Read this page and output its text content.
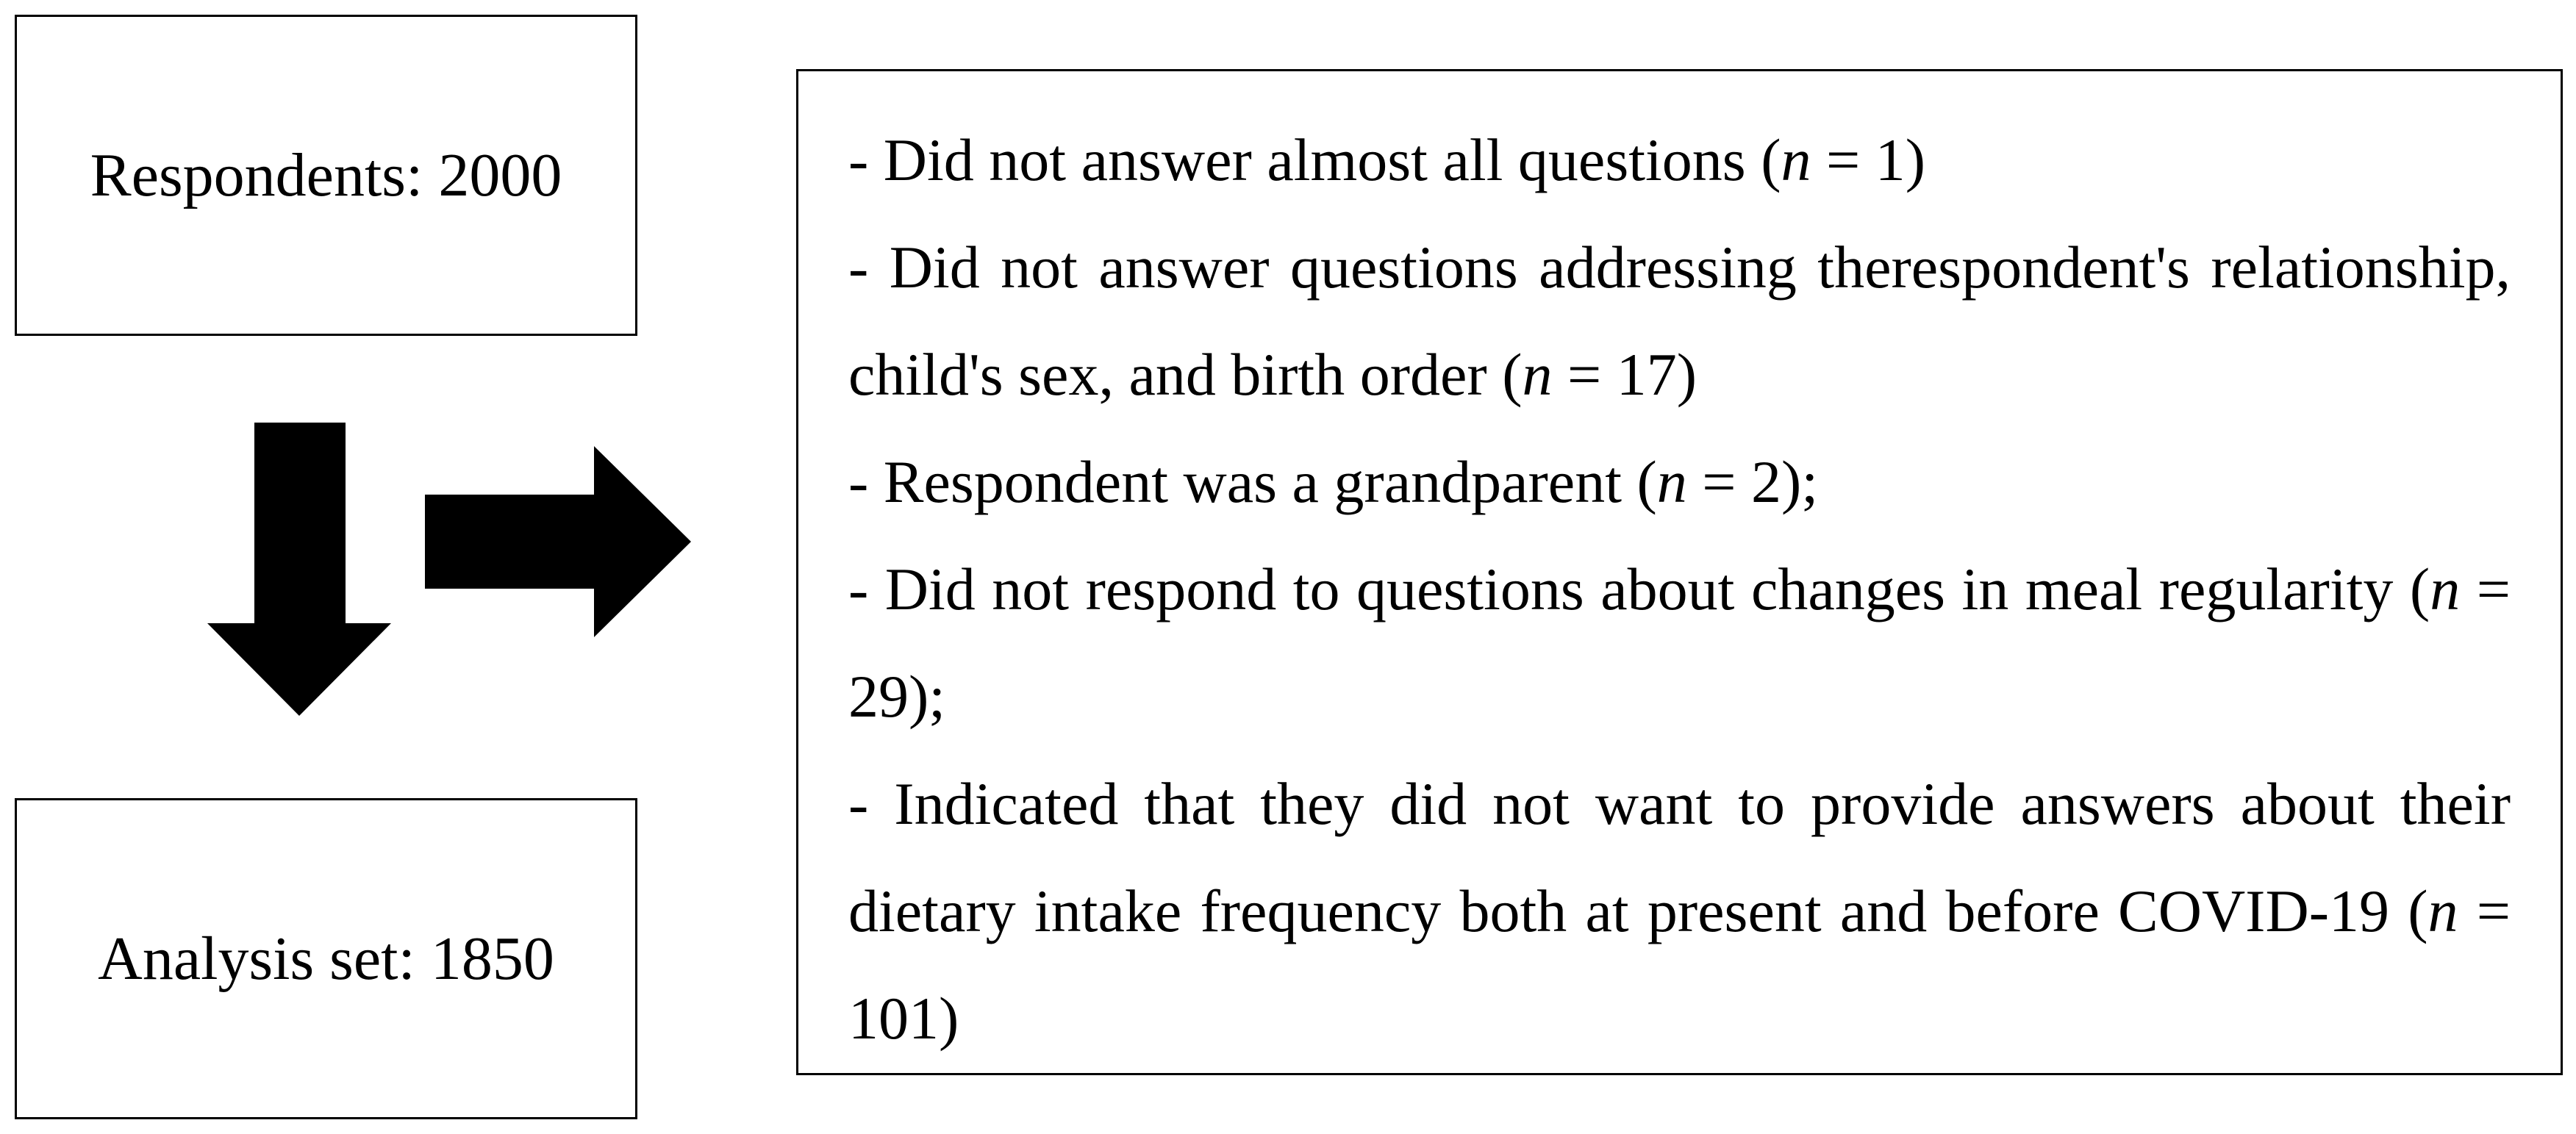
Respondents: 2000
Analysis set: 1850
- Did not answer almost all questions (n = 1)
- Did not answer questions addressing therespondent's relationship, child's sex, and birth order (n = 17)
- Respondent was a grandparent (n = 2);
- Did not respond to questions about changes in meal regularity (n = 29);
- Indicated that they did not want to provide answers about their dietary intake frequency both at present and before COVID-19 (n = 101)
